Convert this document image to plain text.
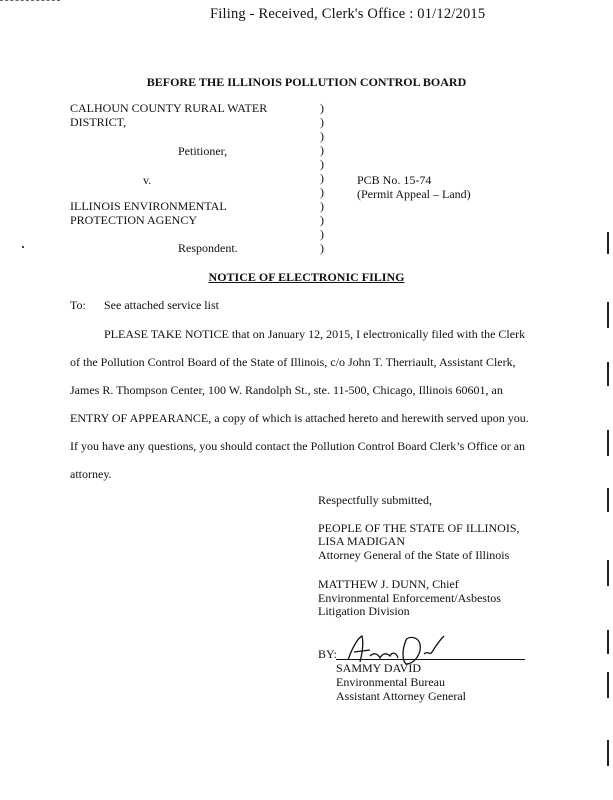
Filing - Received, Clerk's Office : 01/12/2015
BEFORE THE ILLINOIS POLLUTION CONTROL BOARD
CALHOUN COUNTY RURAL WATER
DISTRICT,
Petitioner,
v.
ILLINOIS ENVIRONMENTAL
PROTECTION AGENCY
Respondent.
)
)
)
)
)
)
)
)
)
)
)
PCB No. 15-74
(Permit Appeal – Land)
NOTICE OF ELECTRONIC FILING
To: See attached service list
PLEASE TAKE NOTICE that on January 12, 2015, I electronically filed with the Clerk
of the Pollution Control Board of the State of Illinois, c/o John T. Therriault, Assistant Clerk,
James R. Thompson Center, 100 W. Randolph St., ste. 11-500, Chicago, Illinois 60601, an
ENTRY OF APPEARANCE, a copy of which is attached hereto and herewith served upon you.
If you have any questions, you should contact the Pollution Control Board Clerk’s Office or an
attorney.
Respectfully submitted,
PEOPLE OF THE STATE OF ILLINOIS,
LISA MADIGAN
Attorney General of the State of Illinois
MATTHEW J. DUNN, Chief
Environmental Enforcement/Asbestos
Litigation Division
BY:
SAMMY DAVID
Environmental Bureau
Assistant Attorney General
